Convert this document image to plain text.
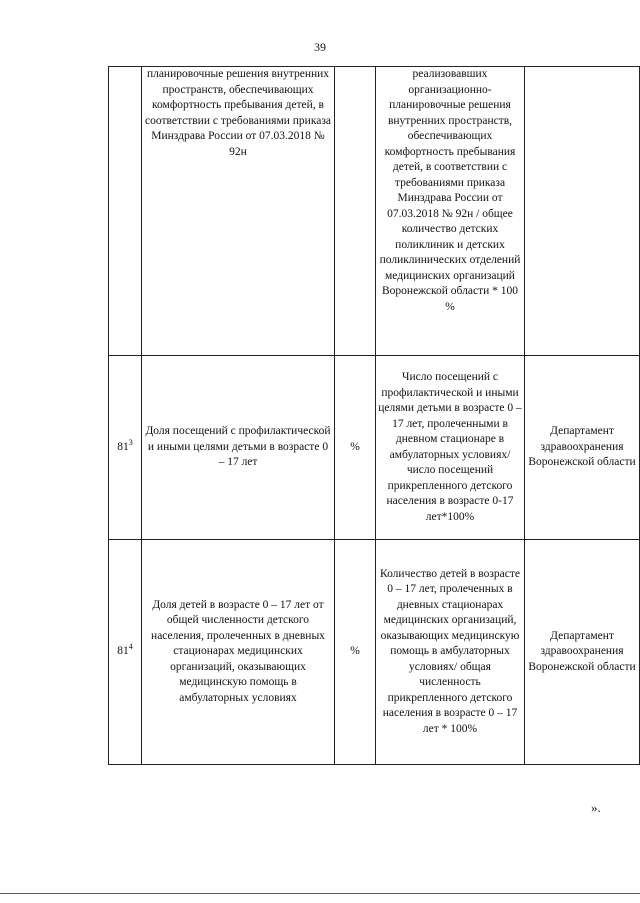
39
	планировочные решения внутренних пространств, обеспечивающих комфортность пребывания детей, в соответствии с требованиями приказа Минздрава России от 07.03.2018 № 92н		реализовавших организационно-планировочные решения внутренних пространств, обеспечивающих комфортность пребывания детей, в соответствии с требованиями приказа Минздрава России от 07.03.2018 № 92н / общее количество детских поликлиник и детских поликлинических отделений медицинских организаций Воронежской области * 100 %	
$81^3$	Доля посещений с профилактической и иными целями детьми в возрасте 0 – 17 лет	%	Число посещений с профилактической и иными целями детьми в возрасте 0 – 17 лет, пролеченными в дневном стационаре в амбулаторных условиях/ число посещений прикрепленного детского населения в возрасте 0-17 лет*100%	Департамент здравоохранения Воронежской области
$81^4$	Доля детей в возрасте 0 – 17 лет от общей численности детского населения, пролеченных в дневных стационарах медицинских организаций, оказывающих медицинскую помощь в амбулаторных условиях	%	Количество детей в возрасте 0 – 17 лет, пролеченных в дневных стационарах медицинских организаций, оказывающих медицинскую помощь в амбулаторных условиях/ общая численность прикрепленного детского населения в возрасте 0 – 17 лет * 100%	Департамент здравоохранения Воронежской области
».
